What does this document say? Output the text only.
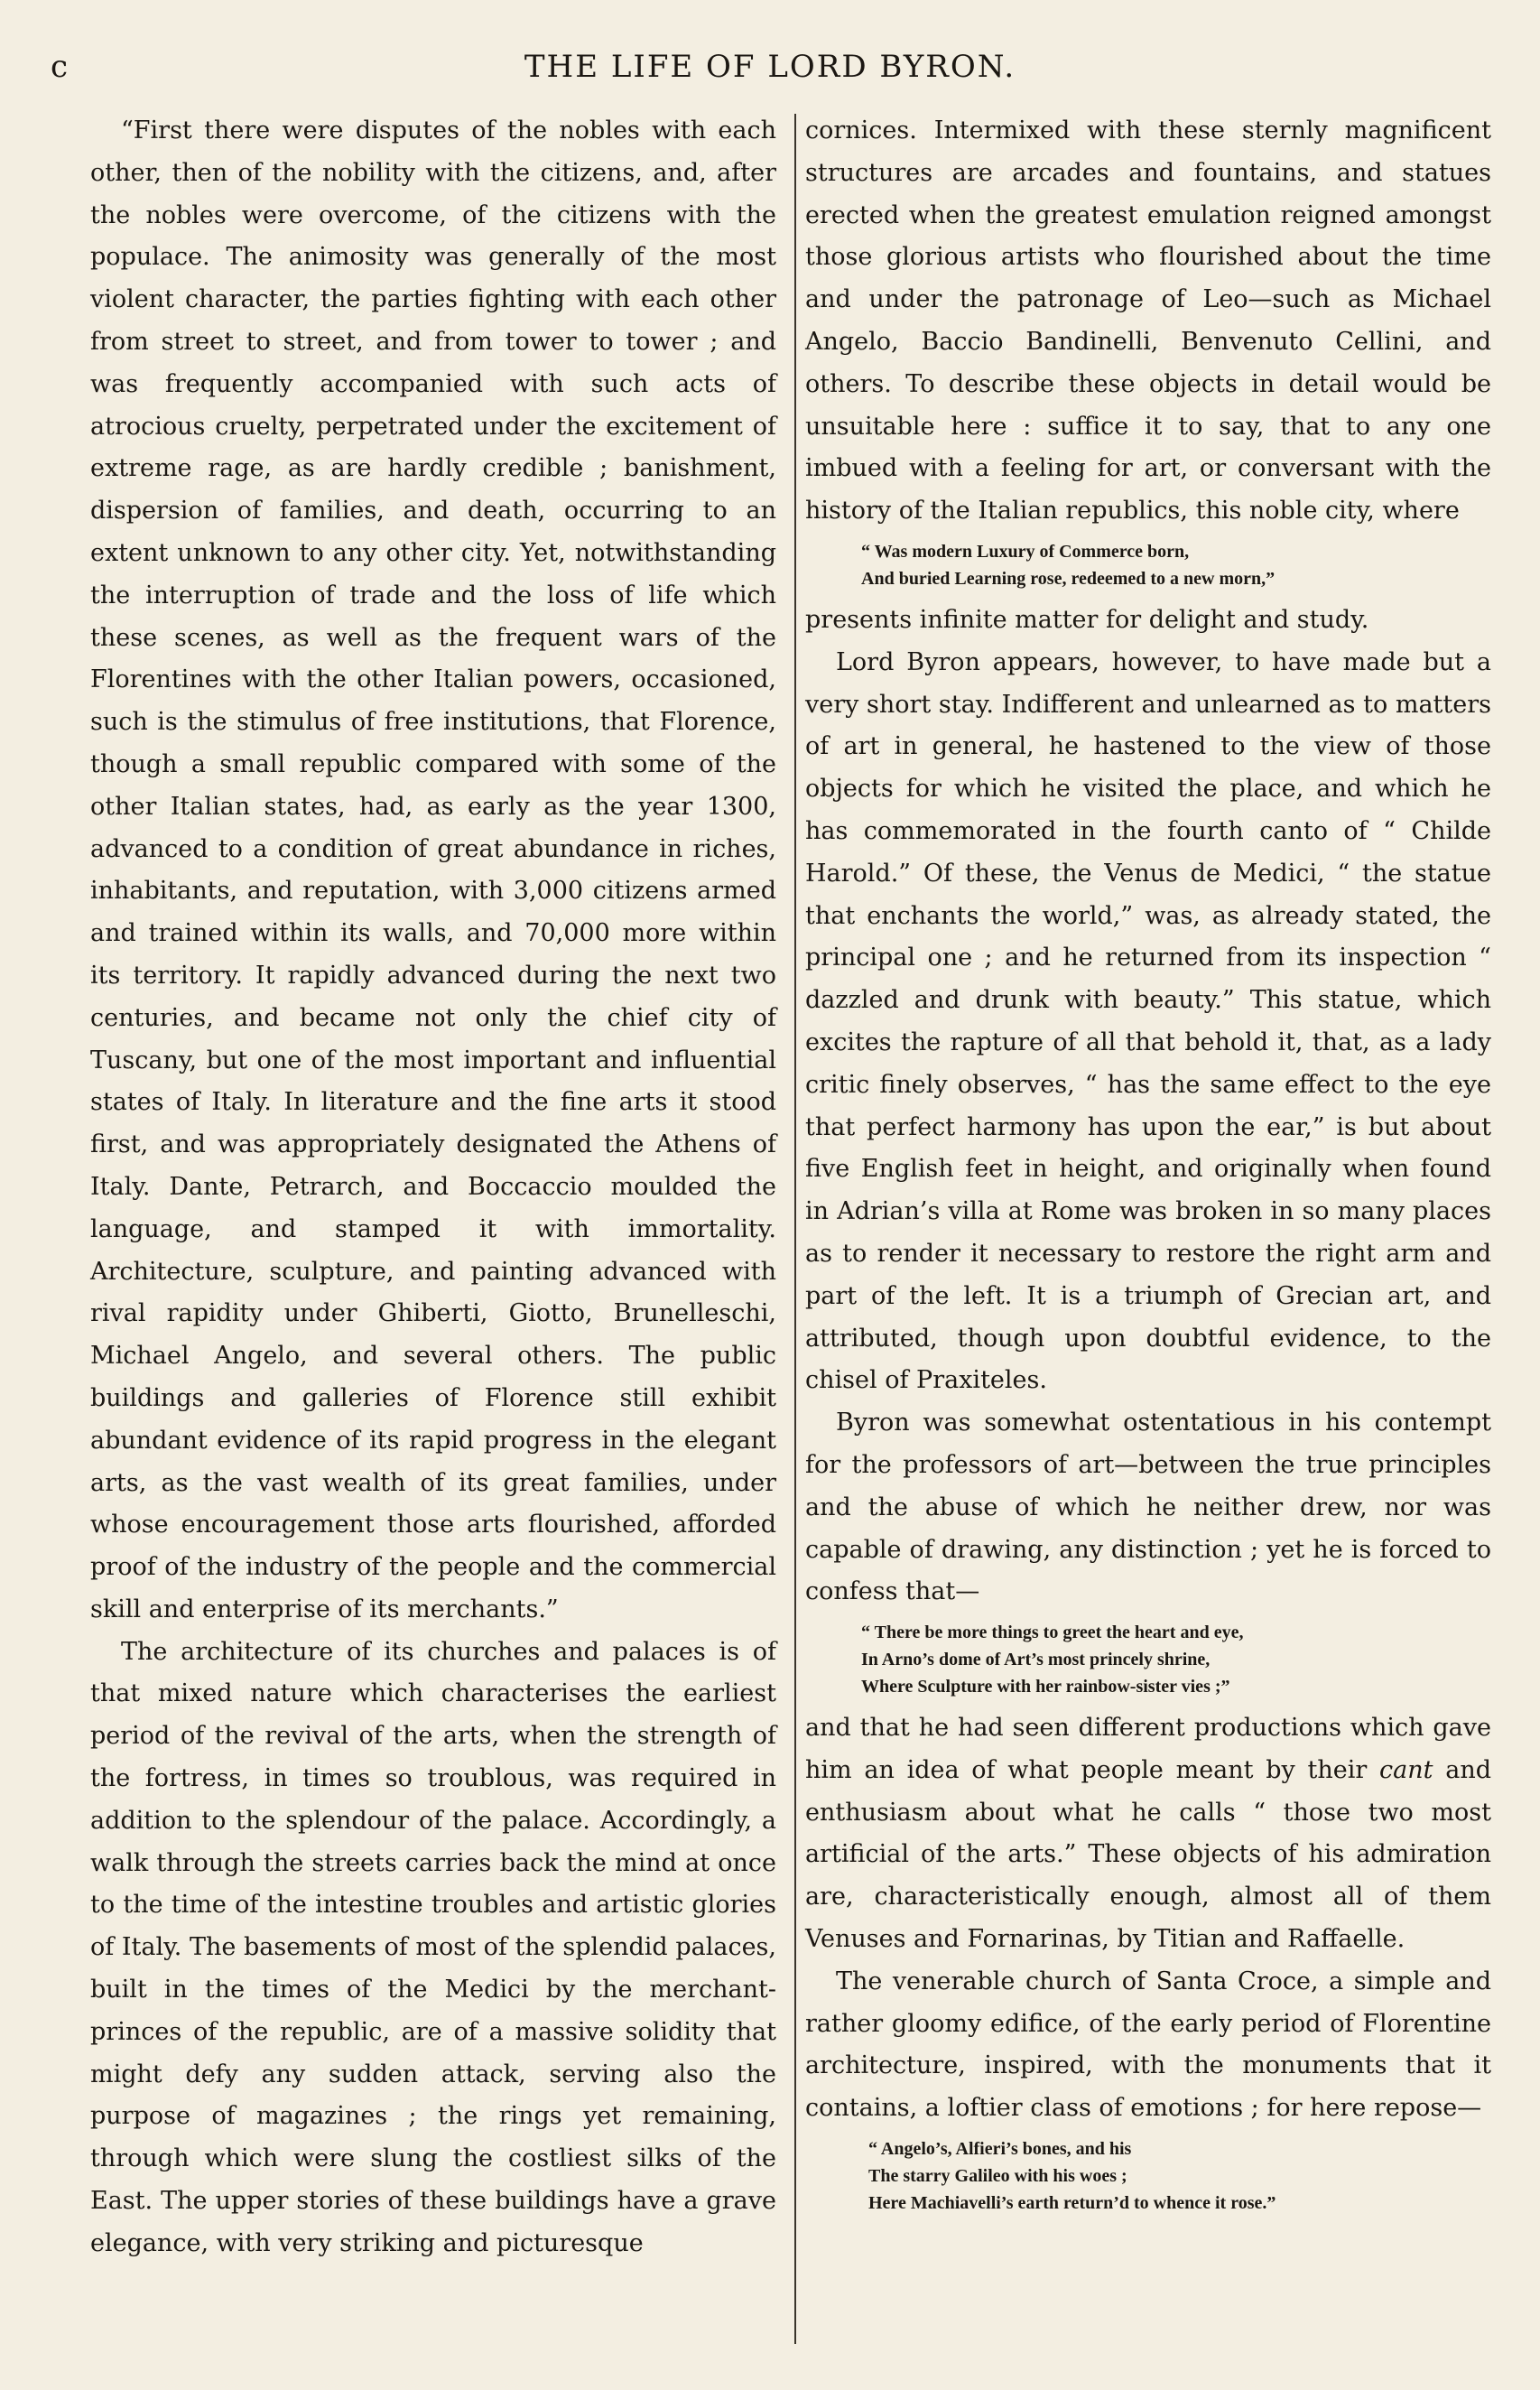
c	THE LIFE OF LORD BYRON.

“First there were disputes of the nobles with each other, then of the nobility with the citizens, and, after the nobles were overcome, of the citizens with the populace. The animosity was generally of the most violent character, the parties fighting with each other from street to street, and from tower to tower ; and was frequently accompanied with such acts of atrocious cruelty, perpetrated under the excitement of extreme rage, as are hardly credible ; banishment, dispersion of families, and death, occurring to an extent unknown to any other city. Yet, notwithstanding the interruption of trade and the loss of life which these scenes, as well as the frequent wars of the Florentines with the other Italian powers, occasioned, such is the stimulus of free institutions, that Florence, though a small republic compared with some of the other Italian states, had, as early as the year 1300, advanced to a condition of great abundance in riches, inhabitants, and reputation, with 3,000 citizens armed and trained within its walls, and 70,000 more within its territory. It rapidly advanced during the next two centuries, and became not only the chief city of Tuscany, but one of the most important and influential states of Italy. In literature and the fine arts it stood first, and was appropriately designated the Athens of Italy. Dante, Petrarch, and Boccaccio moulded the language, and stamped it with immortality. Architecture, sculpture, and painting advanced with rival rapidity under Ghiberti, Giotto, Brunelleschi, Michael Angelo, and several others. The public buildings and galleries of Florence still exhibit abundant evidence of its rapid progress in the elegant arts, as the vast wealth of its great families, under whose encouragement those arts flourished, afforded proof of the industry of the people and the commercial skill and enterprise of its merchants.”

The architecture of its churches and palaces is of that mixed nature which characterises the earliest period of the revival of the arts, when the strength of the fortress, in times so troublous, was required in addition to the splendour of the palace. Accordingly, a walk through the streets carries back the mind at once to the time of the intestine troubles and artistic glories of Italy. The basements of most of the splendid palaces, built in the times of the Medici by the merchant-princes of the republic, are of a massive solidity that might defy any sudden attack, serving also the purpose of magazines ; the rings yet remaining, through which were slung the costliest silks of the East. The upper stories of these buildings have a grave elegance, with very striking and picturesque

cornices. Intermixed with these sternly magnificent structures are arcades and fountains, and statues erected when the greatest emulation reigned amongst those glorious artists who flourished about the time and under the patronage of Leo—such as Michael Angelo, Baccio Bandinelli, Benvenuto Cellini, and others. To describe these objects in detail would be unsuitable here : suffice it to say, that to any one imbued with a feeling for art, or conversant with the history of the Italian republics, this noble city, where

“ Was modern Luxury of Commerce born,
And buried Learning rose, redeemed to a new morn,”

presents infinite matter for delight and study.

Lord Byron appears, however, to have made but a very short stay. Indifferent and unlearned as to matters of art in general, he hastened to the view of those objects for which he visited the place, and which he has commemorated in the fourth canto of “ Childe Harold.” Of these, the Venus de Medici, “ the statue that enchants the world,” was, as already stated, the principal one ; and he returned from its inspection “ dazzled and drunk with beauty.” This statue, which excites the rapture of all that behold it, that, as a lady critic finely observes, “ has the same effect to the eye that perfect harmony has upon the ear,” is but about five English feet in height, and originally when found in Adrian’s villa at Rome was broken in so many places as to render it necessary to restore the right arm and part of the left. It is a triumph of Grecian art, and attributed, though upon doubtful evidence, to the chisel of Praxiteles.

Byron was somewhat ostentatious in his contempt for the professors of art—between the true principles and the abuse of which he neither drew, nor was capable of drawing, any distinction ; yet he is forced to confess that—

“ There be more things to greet the heart and eye,
In Arno’s dome of Art’s most princely shrine,
Where Sculpture with her rainbow-sister vies ;”

and that he had seen different productions which gave him an idea of what people meant by their cant and enthusiasm about what he calls “ those two most artificial of the arts.” These objects of his admiration are, characteristically enough, almost all of them Venuses and Fornarinas, by Titian and Raffaelle.

The venerable church of Santa Croce, a simple and rather gloomy edifice, of the early period of Florentine architecture, inspired, with the monuments that it contains, a loftier class of emotions ; for here repose—

“ Angelo’s, Alfieri’s bones, and his
The starry Galileo with his woes ;
Here Machiavelli’s earth return’d to whence it rose.”
